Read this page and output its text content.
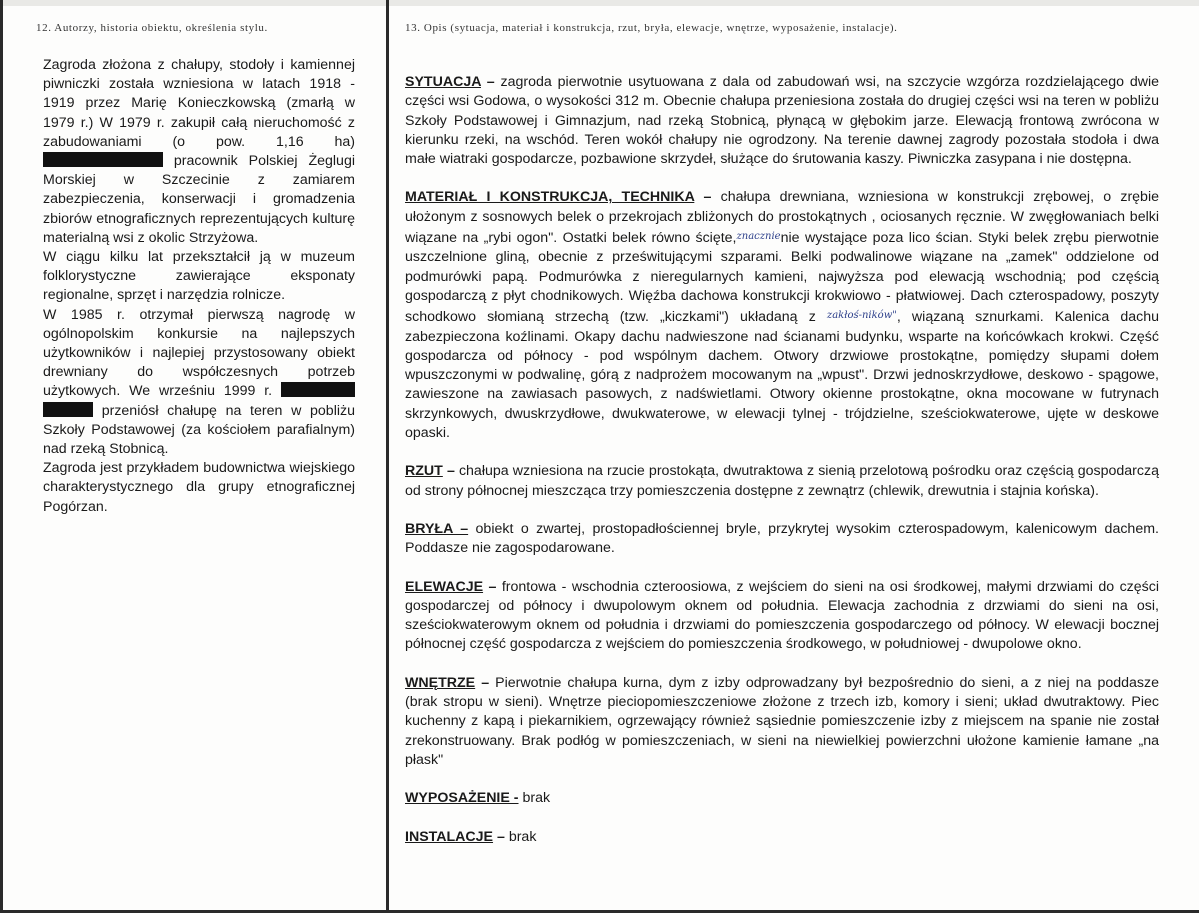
12. Autorzy, historia obiektu, określenia stylu.	13. Opis (sytuacja, materiał i konstrukcja, rzut, bryła, elewacje, wnętrze, wyposażenie, instalacje).

Zagroda złożona z chałupy, stodoły i kamiennej piwniczki została wzniesiona w latach 1918 - 1919 przez Marię Konieczkowską (zmarłą w 1979 r.) W 1979 r. zakupił całą nieruchomość z zabudowaniami (o pow. 1,16 ha)  pracownik Polskiej Żeglugi Morskiej w Szczecinie z zamiarem zabezpieczenia, konserwacji i gromadzenia zbiorów etnograficznych reprezentujących kulturę materialną wsi z okolic Strzyżowa.

W ciągu kilku lat przekształcił ją w muzeum folklorystyczne zawierające eksponaty regionalne, sprzęt i narzędzia rolnicze.

W 1985 r. otrzymał pierwszą nagrodę w ogólnopolskim konkursie na najlepszych użytkowników i najlepiej przystosowany obiekt drewniany do współczesnych potrzeb użytkowych. We wrześniu 1999 r.   przeniósł chałupę na teren w pobliżu Szkoły Podstawowej (za kościołem parafialnym) nad rzeką Stobnicą.

Zagroda jest przykładem budownictwa wiejskiego charakterystycznego dla grupy etnograficznej Pogórzan.

SYTUACJA – zagroda pierwotnie usytuowana z dala od zabudowań wsi, na szczycie wzgórza rozdzielającego dwie części wsi Godowa, o wysokości 312 m. Obecnie chałupa przeniesiona została do drugiej części wsi na teren w pobliżu Szkoły Podstawowej i Gimnazjum, nad rzeką Stobnicą, płynącą w głębokim jarze. Elewacją frontową zwrócona w kierunku rzeki, na wschód. Teren wokół chałupy nie ogrodzony. Na terenie dawnej zagrody pozostała stodoła i dwa małe wiatraki gospodarcze, pozbawione skrzydeł, służące do śrutowania kaszy. Piwniczka zasypana i nie dostępna.

MATERIAŁ I KONSTRUKCJA, TECHNIKA – chałupa drewniana, wzniesiona w konstrukcji zrębowej, o zrębie ułożonym z sosnowych belek o przekrojach zbliżonych do prostokątnych , ociosanych ręcznie. W zwęgłowaniach belki wiązane na „rybi ogon". Ostatki belek równo ścięte,$^{znacznie}$nie wystające poza lico ścian. Styki belek zrębu pierwotnie uszczelnione gliną, obecnie z prześwitującymi szparami. Belki podwalinowe wiązane na „zamek" oddzielone od podmurówki papą. Podmurówka z nieregularnych kamieni, najwyższa pod elewacją wschodnią; pod częścią gospodarczą z płyt chodnikowych. Więźba dachowa konstrukcji krokwiowo - płatwiowej. Dach czterospadowy, poszyty schodkowo słomianą strzechą (tzw. „kiczkami") układaną z $^{zakłoś-ników"}$, wiązaną sznurkami. Kalenica dachu zabezpieczona koźlinami. Okapy dachu nadwieszone nad ścianami budynku, wsparte na końcówkach krokwi. Część gospodarcza od północy - pod wspólnym dachem. Otwory drzwiowe prostokątne, pomiędzy słupami dołem wpuszczonymi w podwalinę, górą z nadprożem mocowanym na „wpust". Drzwi jednoskrzydłowe, deskowo - spągowe, zawieszone na zawiasach pasowych, z nadświetlami. Otwory okienne prostokątne, okna mocowane w futrynach skrzynkowych, dwuskrzydłowe, dwukwaterowe, w elewacji tylnej - trójdzielne, sześciokwaterowe, ujęte w deskowe opaski.

RZUT – chałupa wzniesiona na rzucie prostokąta, dwutraktowa z sienią przelotową pośrodku oraz częścią gospodarczą od strony północnej mieszcząca trzy pomieszczenia dostępne z zewnątrz (chlewik, drewutnia i stajnia końska).

BRYŁA – obiekt o zwartej, prostopadłościennej bryle, przykrytej wysokim czterospadowym, kalenicowym dachem. Poddasze nie zagospodarowane.

ELEWACJE – frontowa - wschodnia czteroosiowa, z wejściem do sieni na osi środkowej, małymi drzwiami do części gospodarczej od północy i dwupolowym oknem od południa. Elewacja zachodnia z drzwiami do sieni na osi, sześciokwaterowym oknem od południa i drzwiami do pomieszczenia gospodarczego od północy. W elewacji bocznej północnej część gospodarcza z wejściem do pomieszczenia środkowego, w południowej - dwupolowe okno.

WNĘTRZE – Pierwotnie chałupa kurna, dym z izby odprowadzany był bezpośrednio do sieni, a z niej na poddasze (brak stropu w sieni). Wnętrze pieciopomieszczeniowe złożone z trzech izb, komory i sieni; układ dwutraktowy. Piec kuchenny z kapą i piekarnikiem, ogrzewający również sąsiednie pomieszczenie izby z miejscem na spanie nie został zrekonstruowany. Brak podłóg w pomieszczeniach, w sieni na niewielkiej powierzchni ułożone kamienie łamane „na płask"

WYPOSAŻENIE - brak

INSTALACJE – brak
